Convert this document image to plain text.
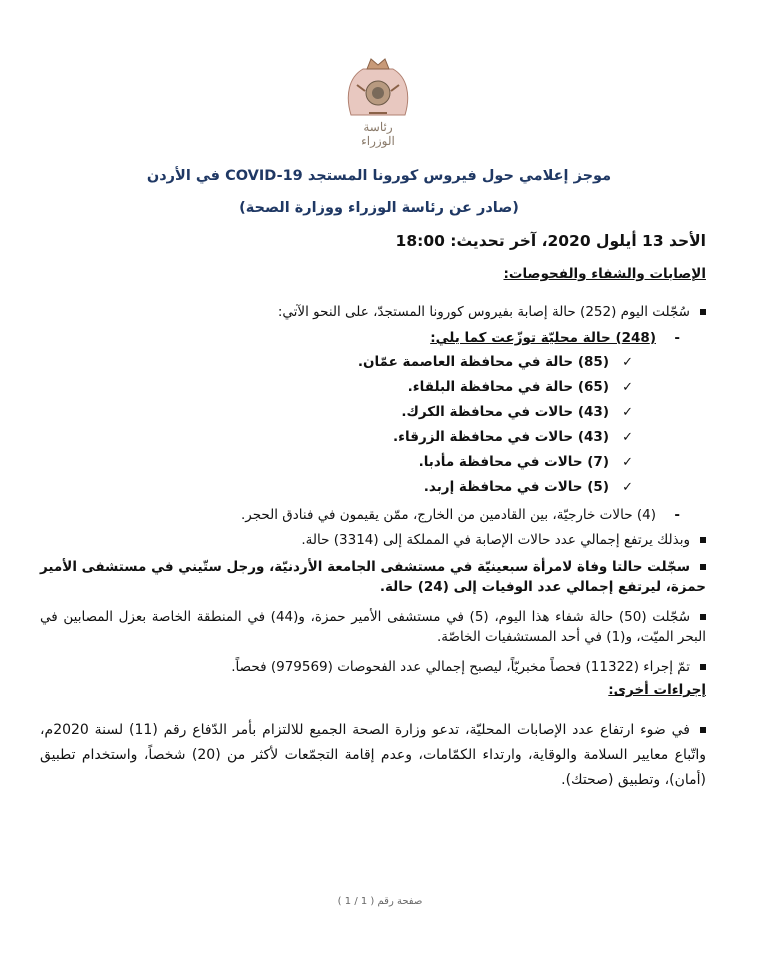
رئاسة الوزراء
موجز إعلامي حول فيروس كورونا المستجد COVID-19 في الأردن
(صادر عن رئاسة الوزراء ووزارة الصحة)
الأحد 13 أيلول 2020، آخر تحديث: 18:00
الإصابات والشفاء والفحوصات:
سُجّلت اليوم (252) حالة إصابة بفيروس كورونا المستجدّ، على النحو الآتي:
-(248) حالة محليّة توزّعت كما يلي:
✓(85) حالة في محافظة العاصمة عمّان.
✓(65) حالة في محافظة البلقاء.
✓(43) حالات في محافظة الكرك.
✓(43) حالات في محافظة الزرقاء.
✓(7) حالات في محافظة مأدبا.
✓(5) حالات في محافظة إربد.
-(4) حالات خارجيّة، بين القادمين من الخارج، ممّن يقيمون في فنادق الحجر.
وبذلك يرتفع إجمالي عدد حالات الإصابة في المملكة إلى (3314) حالة.
سجّلت حالتا وفاة لامرأة سبعينيّة في مستشفى الجامعة الأردنيّة، ورجل ستّيني في مستشفى الأمير حمزة، ليرتفع إجمالي عدد الوفيات إلى (24) حالة.
سُجّلت (50) حالة شفاء هذا اليوم، (5) في مستشفى الأمير حمزة، و(44) في المنطقة الخاصة بعزل المصابين في البحر الميّت، و(1) في أحد المستشفيات الخاصّة.
تمّ إجراء (11322) فحصاً مخبريّاً، ليصبح إجمالي عدد الفحوصات (979569) فحصاً.
إجراءات أخرى:
في ضوء ارتفاع عدد الإصابات المحليّة، تدعو وزارة الصحة الجميع للالتزام بأمر الدّفاع رقم (11) لسنة 2020م، واتّباع معايير السلامة والوقاية، وارتداء الكمّامات، وعدم إقامة التجمّعات لأكثر من (20) شخصاً، واستخدام تطبيق (أمان)، وتطبيق (صحتك).
صفحة رقم ( 1 / 1 )
